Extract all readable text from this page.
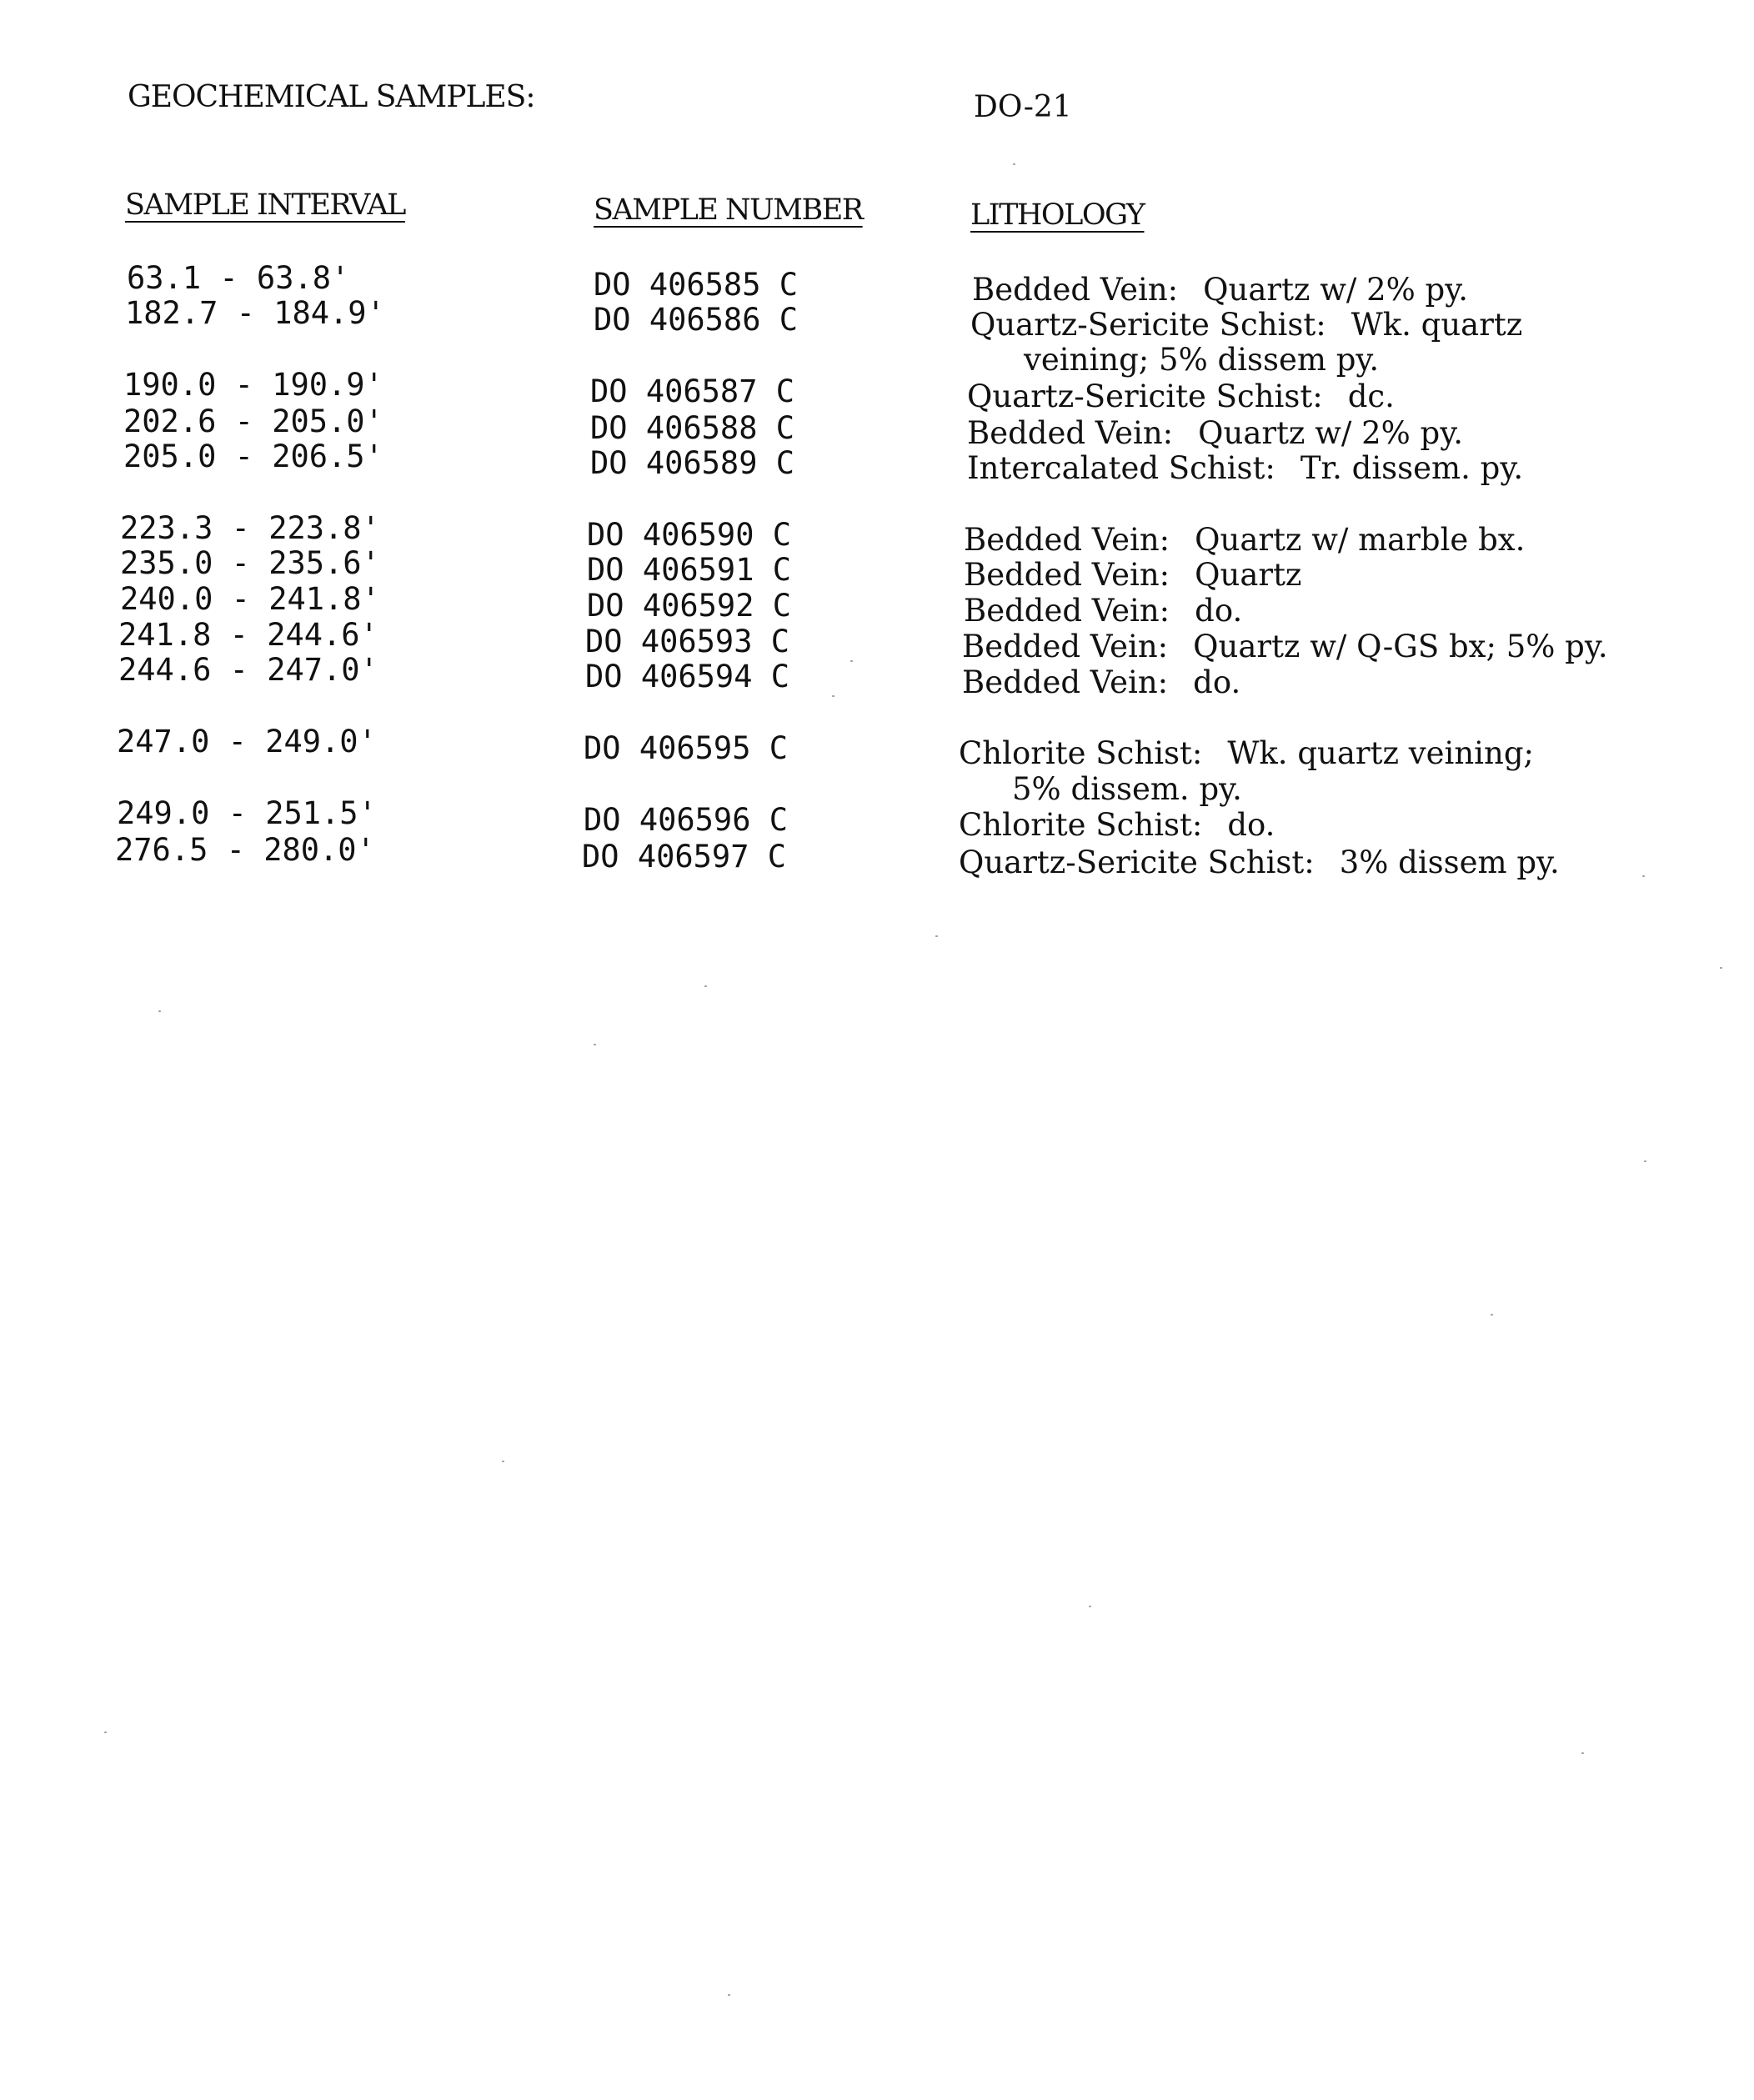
GEOCHEMICAL SAMPLES:	DO-21
SAMPLE INTERVAL	SAMPLE NUMBER	LITHOLOGY
63.1 - 63.8'	DO 406585 C	Bedded Vein: Quartz w/ 2% py.
182.7 - 184.9'	DO 406586 C	Quartz-Sericite Schist: Wk. quartz
veining; 5% dissem py.
190.0 - 190.9'	DO 406587 C	Quartz-Sericite Schist: dc.
202.6 - 205.0'	DO 406588 C	Bedded Vein: Quartz w/ 2% py.
205.0 - 206.5'	DO 406589 C	Intercalated Schist: Tr. dissem. py.
223.3 - 223.8'	DO 406590 C	Bedded Vein: Quartz w/ marble bx.
235.0 - 235.6'	DO 406591 C	Bedded Vein: Quartz
240.0 - 241.8'	DO 406592 C	Bedded Vein: do.
241.8 - 244.6'	DO 406593 C	Bedded Vein: Quartz w/ Q-GS bx; 5% py.
244.6 - 247.0'	DO 406594 C	Bedded Vein: do.
247.0 - 249.0'	DO 406595 C	Chlorite Schist: Wk. quartz veining;
5% dissem. py.
249.0 - 251.5'	DO 406596 C	Chlorite Schist: do.
276.5 - 280.0'	DO 406597 C	Quartz-Sericite Schist: 3% dissem py.
